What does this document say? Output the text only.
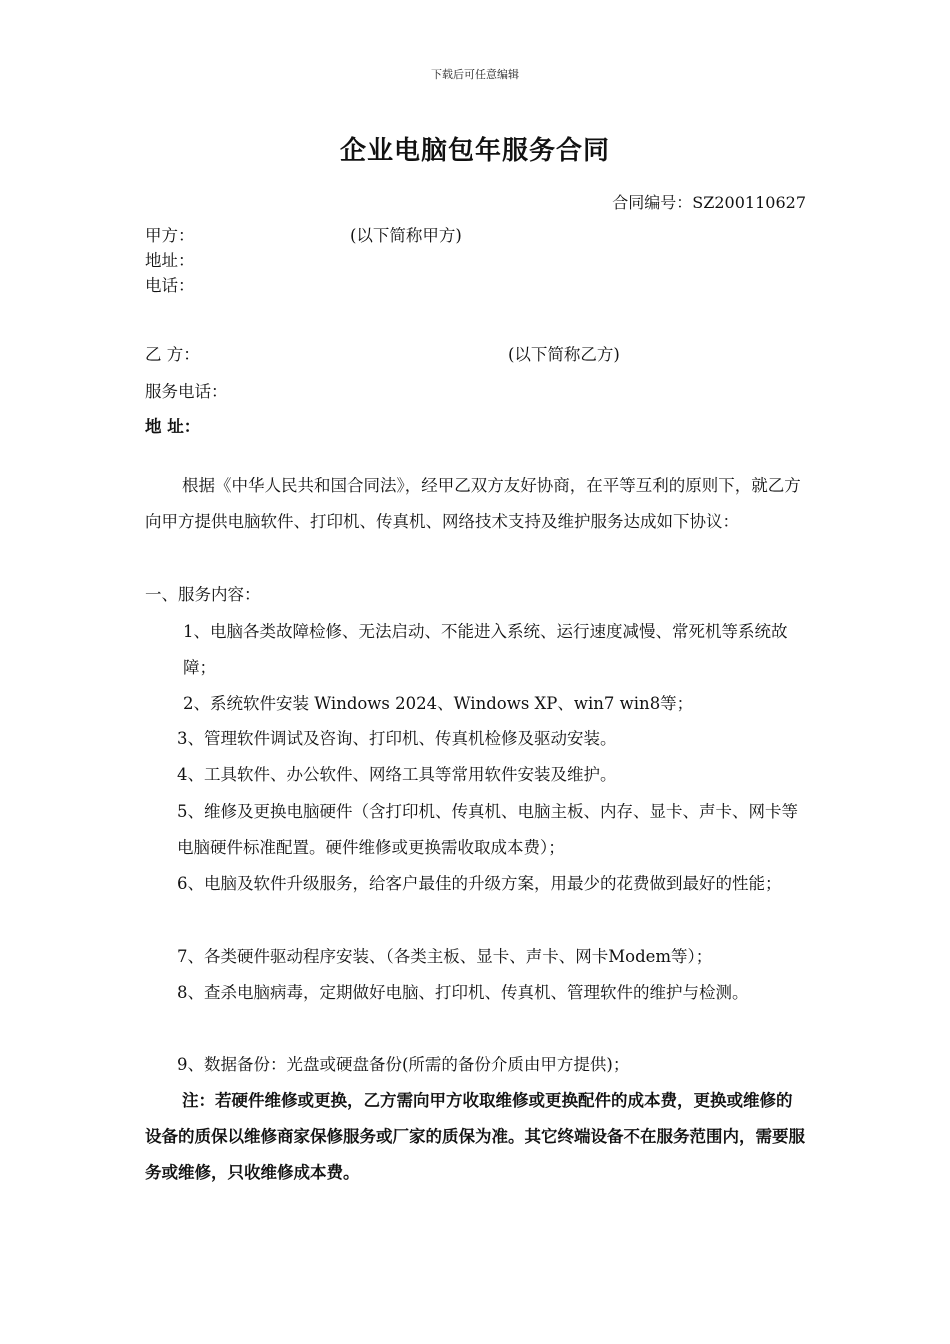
下载后可任意编辑
企业电脑包年服务合同
合同编号：SZ200110627
甲方：	(以下简称甲方)
地址：
电话：
乙 方：	(以下简称乙方)
服务电话：
地 址：
根据《中华人民共和国合同法》，经甲乙双方友好协商，在平等互利的原则下，就乙方向甲方提供电脑软件、打印机、传真机、网络技术支持及维护服务达成如下协议：
一、服务内容：
1、电脑各类故障检修、无法启动、不能进入系统、运行速度减慢、常死机等系统故障；
2、系统软件安装 Windows 2024、Windows XP、win7 win8等；
3、管理软件调试及咨询、打印机、传真机检修及驱动安装。
4、工具软件、办公软件、网络工具等常用软件安装及维护。
5、维修及更换电脑硬件（含打印机、传真机、电脑主板、内存、显卡、声卡、网卡等电脑硬件标准配置。硬件维修或更换需收取成本费）；
6、电脑及软件升级服务，给客户最佳的升级方案，用最少的花费做到最好的性能；
7、各类硬件驱动程序安装、（各类主板、显卡、声卡、网卡Modem等）；
8、查杀电脑病毒，定期做好电脑、打印机、传真机、管理软件的维护与检测。
9、数据备份：光盘或硬盘备份(所需的备份介质由甲方提供)；
注：若硬件维修或更换，乙方需向甲方收取维修或更换配件的成本费，更换或维修的设备的质保以维修商家保修服务或厂家的质保为准。其它终端设备不在服务范围内，需要服务或维修，只收维修成本费。
